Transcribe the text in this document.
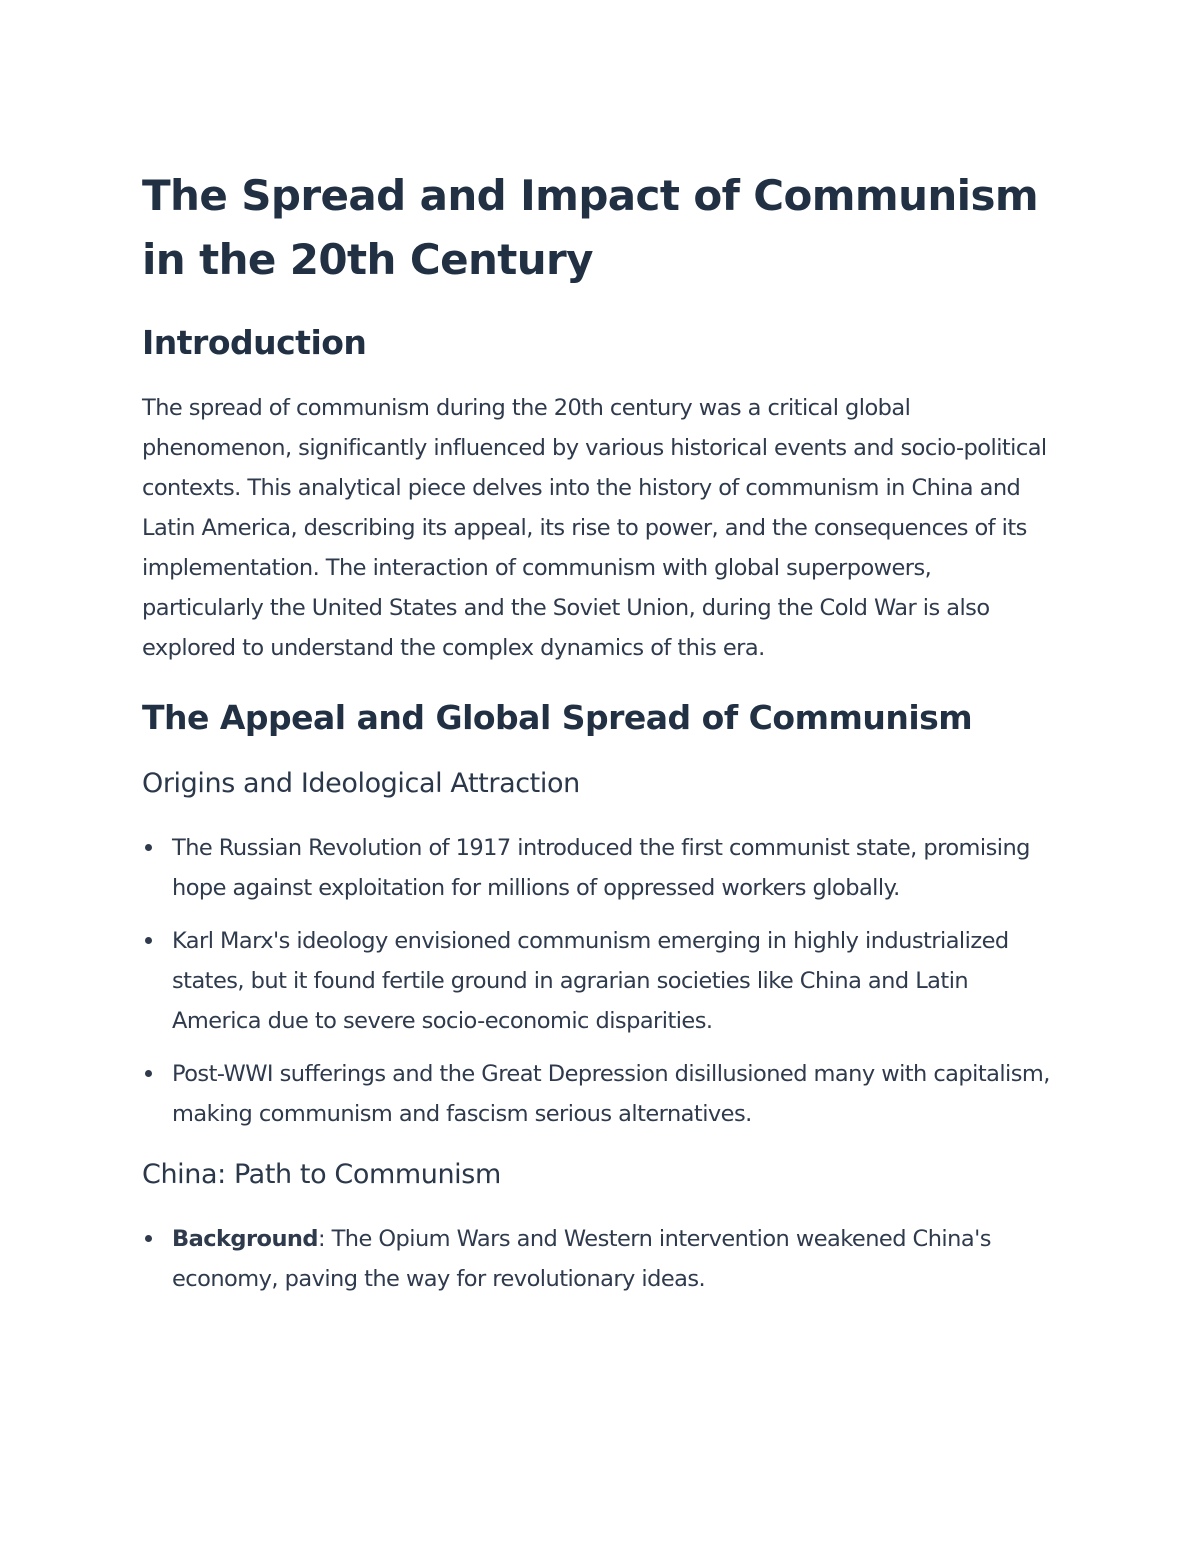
The Spread and Impact of Communism in the 20th Century
Introduction

The spread of communism during the 20th century was a critical global phenomenon, significantly influenced by various historical events and socio-political contexts. This analytical piece delves into the history of communism in China and Latin America, describing its appeal, its rise to power, and the consequences of its implementation. The interaction of communism with global superpowers, particularly the United States and the Soviet Union, during the Cold War is also explored to understand the complex dynamics of this era.

The Appeal and Global Spread of Communism
Origins and Ideological Attraction
The Russian Revolution of 1917 introduced the first communist state, promising hope against exploitation for millions of oppressed workers globally.
Karl Marx's ideology envisioned communism emerging in highly industrialized states, but it found fertile ground in agrarian societies like China and Latin America due to severe socio-economic disparities.
Post-WWI sufferings and the Great Depression disillusioned many with capitalism, making communism and fascism serious alternatives.
China: Path to Communism
Background: The Opium Wars and Western intervention weakened China's economy, paving the way for revolutionary ideas.
